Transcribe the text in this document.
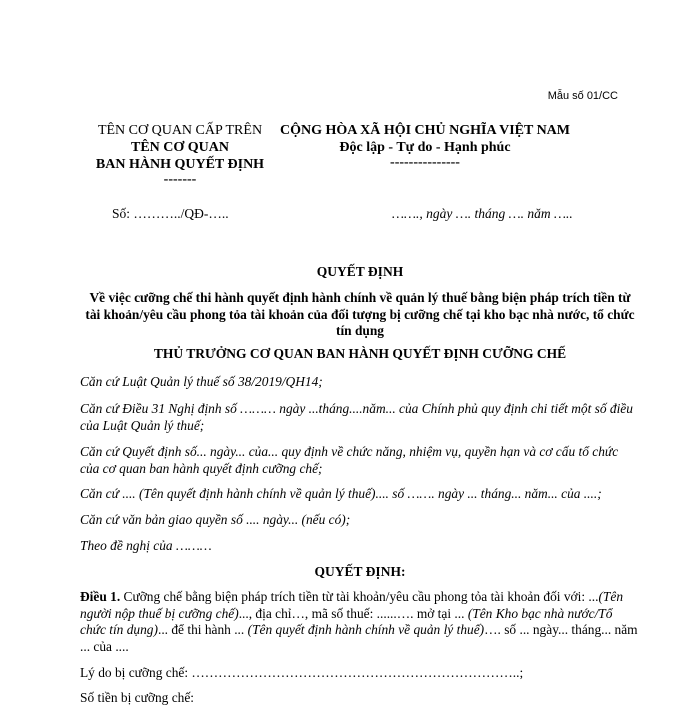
Mẫu số 01/CC
TÊN CƠ QUAN CẤP TRÊN
TÊN CƠ QUAN
BAN HÀNH QUYẾT ĐỊNH
-------
CỘNG HÒA XÃ HỘI CHỦ NGHĨA VIỆT NAM
Độc lập - Tự do - Hạnh phúc
---------------
Số: ………../QĐ-…..	……., ngày …. tháng …. năm …..
QUYẾT ĐỊNH
Về việc cưỡng chế thi hành quyết định hành chính về quản lý thuế bằng biện pháp trích tiền từ tài khoản/yêu cầu phong tỏa tài khoản của đối tượng bị cưỡng chế tại kho bạc nhà nước, tổ chức tín dụng
THỦ TRƯỞNG CƠ QUAN BAN HÀNH QUYẾT ĐỊNH CƯỠNG CHẾ
Căn cứ Luật Quản lý thuế số 38/2019/QH14;
Căn cứ Điều 31 Nghị định số ……… ngày ...tháng....năm... của Chính phủ quy định chi tiết một số điều của Luật Quản lý thuế;
Căn cứ Quyết định số... ngày... của... quy định về chức năng, nhiệm vụ, quyền hạn và cơ cấu tổ chức của cơ quan ban hành quyết định cưỡng chế;
Căn cứ .... (Tên quyết định hành chính về quản lý thuế).... số ……. ngày ... tháng... năm... của ....;
Căn cứ văn bản giao quyền số .... ngày... (nếu có);
Theo đề nghị của ………
QUYẾT ĐỊNH:
Điều 1. Cưỡng chế bằng biện pháp trích tiền từ tài khoản/yêu cầu phong tỏa tài khoản đối với: ...(Tên người nộp thuế bị cưỡng chế)..., địa chỉ…, mã số thuế: ......…. mở tại ... (Tên Kho bạc nhà nước/Tổ chức tín dụng)... để thi hành ... (Tên quyết định hành chính về quản lý thuế)…. số ... ngày... tháng... năm ... của ....
Lý do bị cưỡng chế: ………………………………………………………………..;
Số tiền bị cưỡng chế:
